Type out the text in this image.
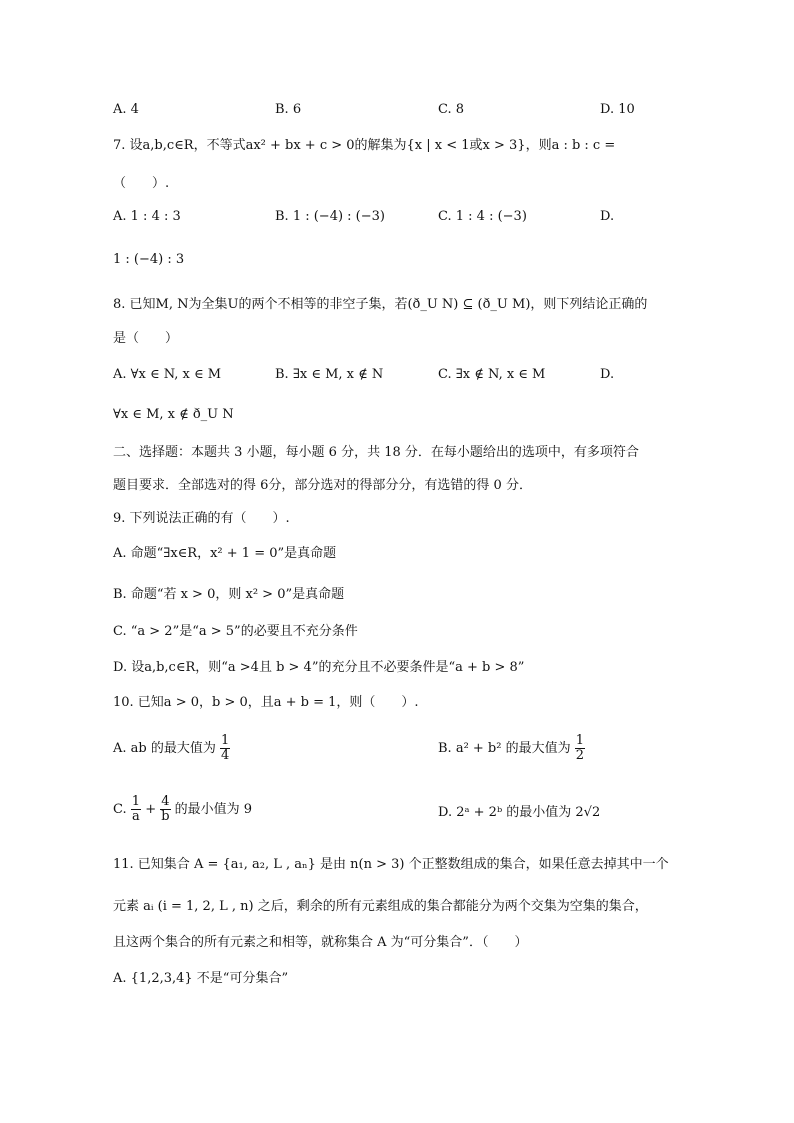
A. 4	B. 6	C. 8	D. 10
7. 设a,b,c∈R，不等式ax² + bx + c > 0的解集为{x | x < 1或x > 3}，则a : b : c =
（　　）.
A. 1 : 4 : 3	B. 1 : (−4) : (−3)	C. 1 : 4 : (−3)	D.
1 : (−4) : 3
8. 已知M, N为全集U的两个不相等的非空子集，若(ð_U N) ⊆ (ð_U M)，则下列结论正确的
是（　　）
A. ∀x ∈ N, x ∈ M	B. ∃x ∈ M, x ∉ N	C. ∃x ∉ N, x ∈ M	D.
∀x ∈ M, x ∉ ð_U N
二、选择题：本题共 3 小题，每小题 6 分，共 18 分．在每小题给出的选项中，有多项符合
题目要求．全部选对的得 6分，部分选对的得部分分，有选错的得 0 分．
9. 下列说法正确的有（　　）.
A. 命题“∃x∈R，x² + 1 = 0”是真命题
B. 命题“若 x > 0，则 x² > 0”是真命题
C. “a > 2”是“a > 5”的必要且不充分条件
D. 设a,b,c∈R，则“a >4且 b > 4”的充分且不必要条件是“a + b > 8”
10. 已知a > 0，b > 0，且a + b = 1，则（　　）.
A. ab 的最大值为 $\frac{1}{4}$	B. a² + b² 的最大值为 $\frac{1}{2}$
C. $\frac{1}{a} + \frac{4}{b}$ 的最小值为 9	D. 2ᵃ + 2ᵇ 的最小值为 2√2
11. 已知集合 A = {a₁, a₂, L , aₙ} 是由 n(n > 3) 个正整数组成的集合，如果任意去掉其中一个
元素 aᵢ (i = 1, 2, L , n) 之后，剩余的所有元素组成的集合都能分为两个交集为空集的集合，
且这两个集合的所有元素之和相等，就称集合 A 为“可分集合”．（　　）
A. {1,2,3,4} 不是“可分集合”
